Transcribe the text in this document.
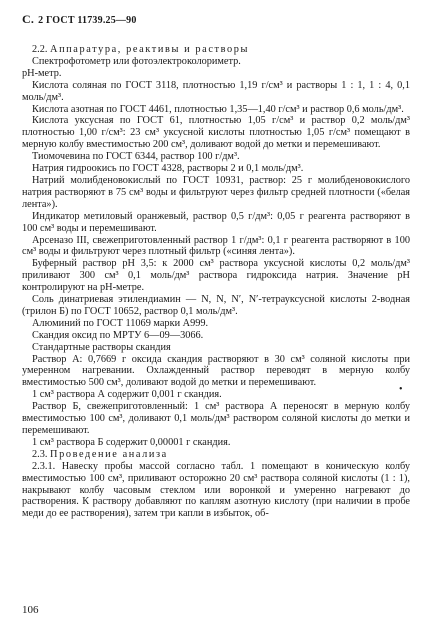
С. 2 ГОСТ 11739.25—90

2.2. Аппаратура, реактивы и растворы

Спектрофотометр или фотоэлектроколориметр.
pH-метр.

Кислота соляная по ГОСТ 3118, плотностью 1,19 г/см³ и растворы 1 : 1, 1 : 4, 0,1 моль/дм³.

Кислота азотная по ГОСТ 4461, плотностью 1,35—1,40 г/см³ и раствор 0,6 моль/дм³.

Кислота уксусная по ГОСТ 61, плотностью 1,05 г/см³ и раствор 0,2 моль/дм³ плотностью 1,00 г/см³: 23 см³ уксусной кислоты плотностью 1,05 г/см³ помещают в мерную колбу вместимостью 200 см³, доливают водой до метки и перемешивают.

Тиомочевина по ГОСТ 6344, раствор 100 г/дм³.

Натрия гидроокись по ГОСТ 4328, растворы 2 и 0,1 моль/дм³.

Натрий молибденовокислый по ГОСТ 10931, раствор: 25 г молибденовокислого натрия растворяют в 75 см³ воды и фильтруют через фильтр средней плотности («белая лента»).

Индикатор метиловый оранжевый, раствор 0,5 г/дм³: 0,05 г реагента растворяют в 100 см³ воды и перемешивают.

Арсеназо III, свежеприготовленный раствор 1 г/дм³: 0,1 г реагента растворяют в 100 см³ воды и фильтруют через плотный фильтр («синяя лента»).

Буферный раствор pH 3,5: к 2000 см³ раствора уксусной кислоты 0,2 моль/дм³ приливают 300 см³ 0,1 моль/дм³ раствора гидроксида натрия. Значение pH контролируют на pH-метре.

Соль динатриевая этилендиамин — N, N, N′, N′-тетрауксусной кислоты 2-водная (трилон Б) по ГОСТ 10652, раствор 0,1 моль/дм³.

Алюминий по ГОСТ 11069 марки А999.

Скандия оксид по МРТУ 6—09—3066.

Стандартные растворы скандия

Раствор А: 0,7669 г оксида скандия растворяют в 30 см³ соляной кислоты при умеренном нагревании. Охлажденный раствор переводят в мерную колбу вместимостью 500 см³, доливают водой до метки и перемешивают.

1 см³ раствора А содержит 0,001 г скандия.

Раствор Б, свежеприготовленный: 1 см³ раствора А переносят в мерную колбу вместимостью 100 см³, доливают 0,1 моль/дм³ раствором соляной кислоты до метки и перемешивают.

1 см³ раствора Б содержит 0,00001 г скандия.

2.3. Проведение анализа

2.3.1. Навеску пробы массой согласно табл. 1 помещают в коническую колбу вместимостью 100 см³, приливают осторожно 20 см³ раствора соляной кислоты (1 : 1), накрывают колбу часовым стеклом или воронкой и умеренно нагревают до растворения. К раствору добавляют по каплям азотную кислоту (при наличии в пробе меди до ее растворения), затем три капли в избыток, об-

•
106
